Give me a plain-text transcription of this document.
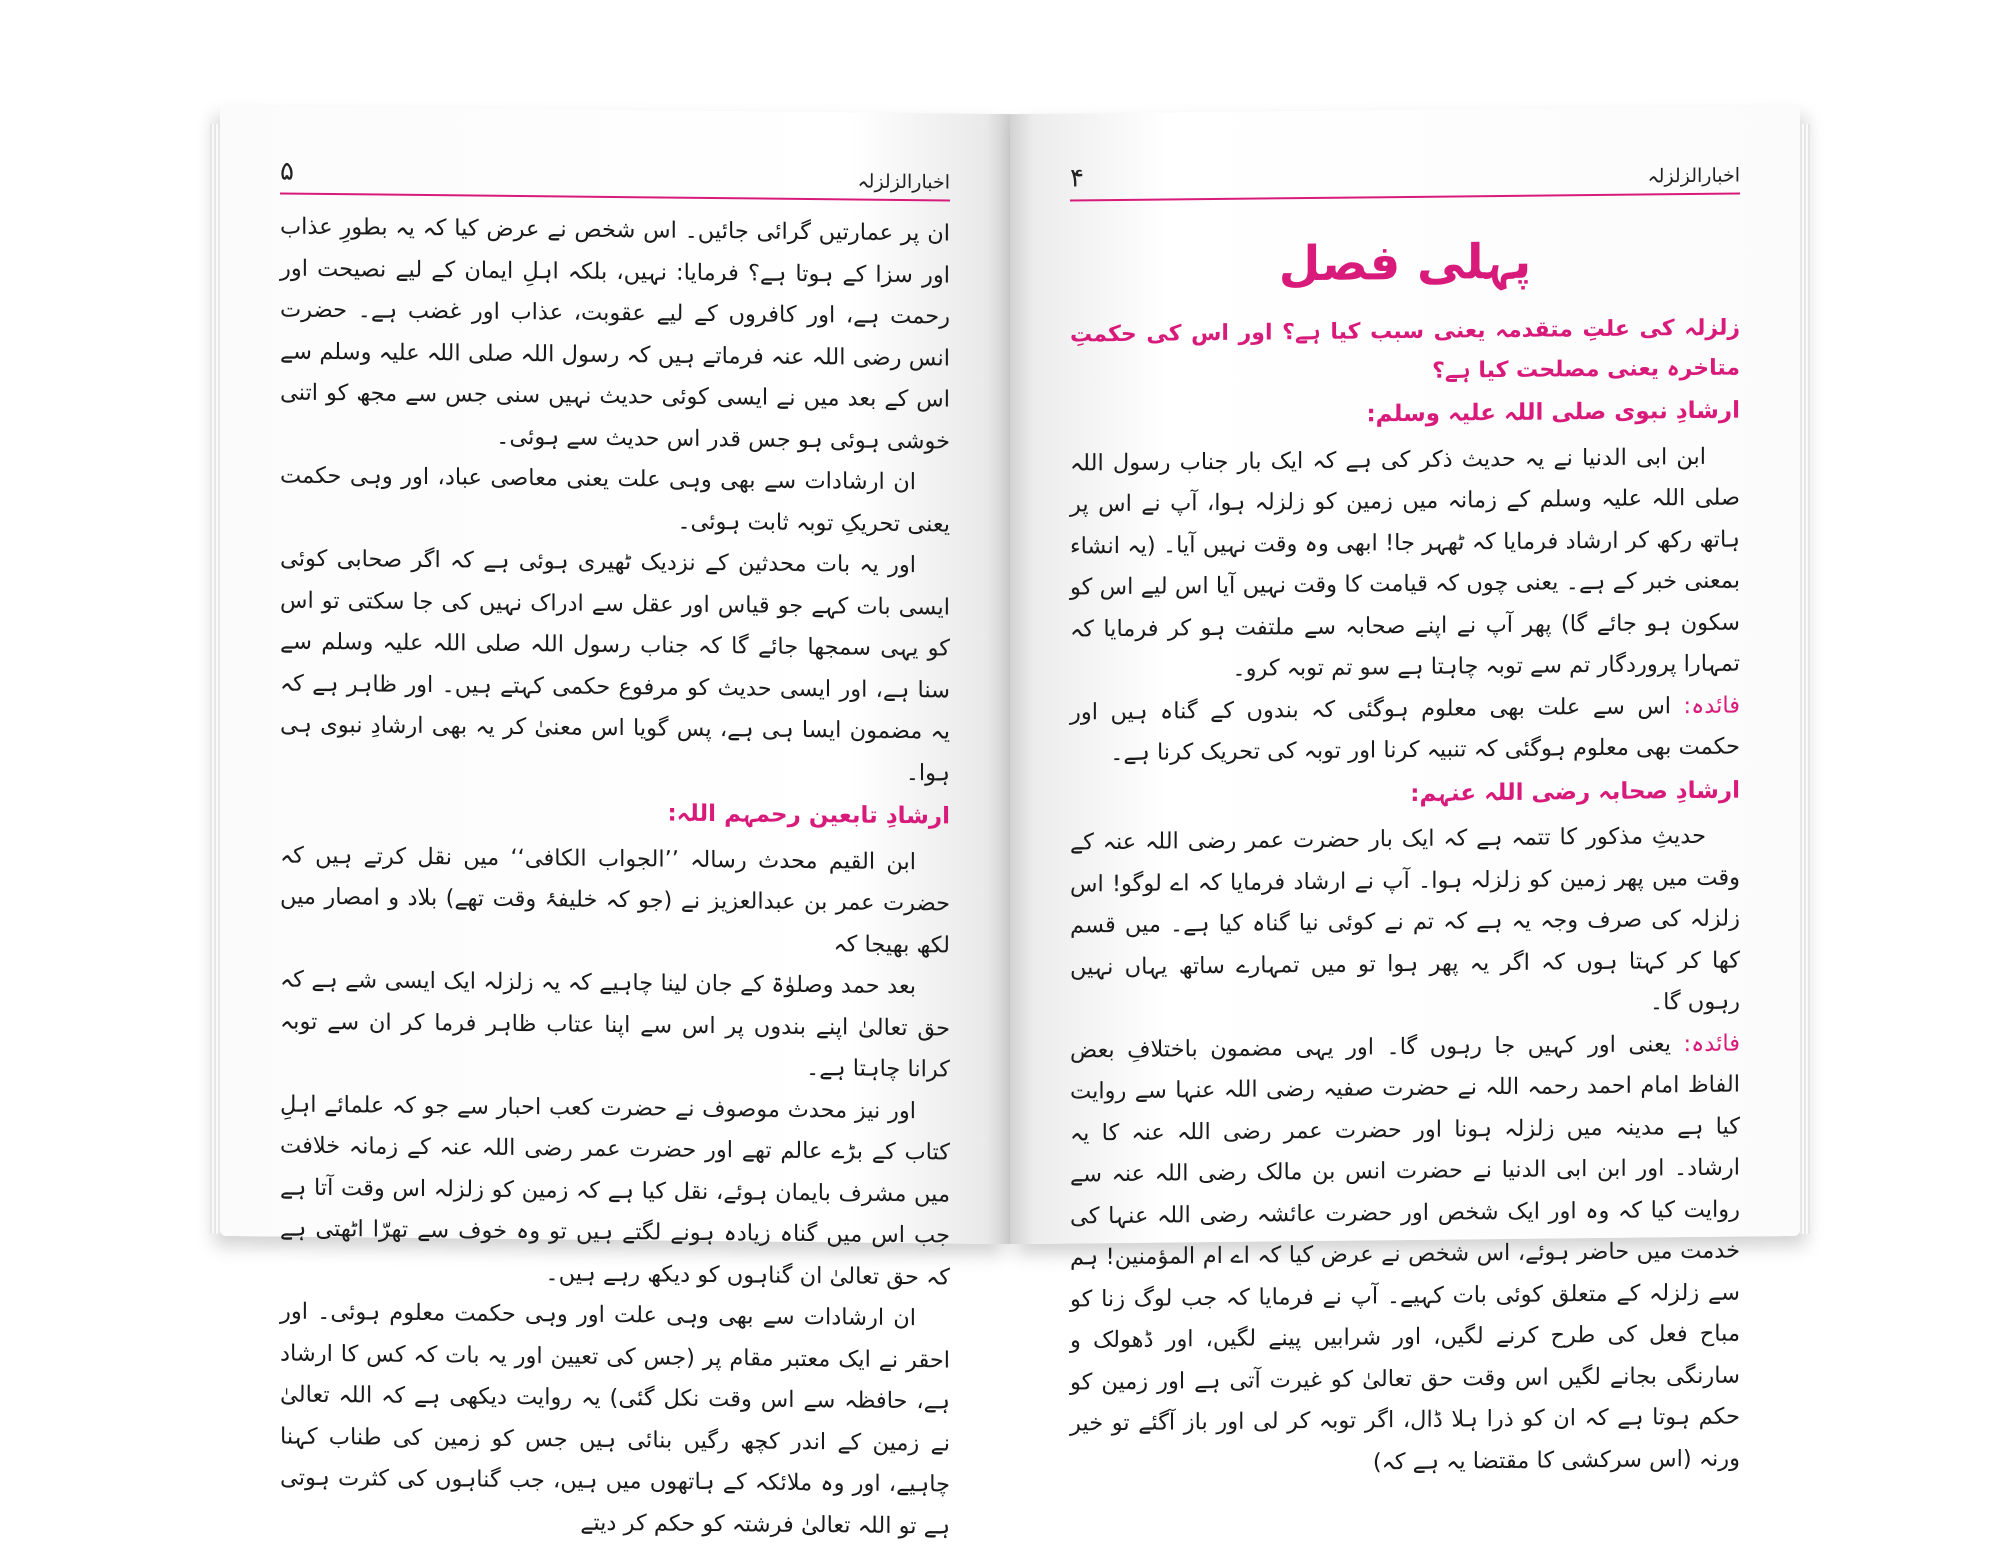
۵	اخبارالزلزلہ

ان پر عمارتیں گرائی جائیں۔ اس شخص نے عرض کیا کہ یہ بطورِ عذاب اور سزا کے ہوتا ہے؟ فرمایا: نہیں، بلکہ اہلِ ایمان کے لیے نصیحت اور رحمت ہے، اور کافروں کے لیے عقوبت، عذاب اور غضب ہے۔ حضرت انس رضی اللہ عنہ فرماتے ہیں کہ رسول اللہ صلی اللہ علیہ وسلم سے اس کے بعد میں نے ایسی کوئی حدیث نہیں سنی جس سے مجھ کو اتنی خوشی ہوئی ہو جس قدر اس حدیث سے ہوئی۔

ان ارشادات سے بھی وہی علت یعنی معاصی عباد، اور وہی حکمت یعنی تحریکِ توبہ ثابت ہوئی۔

اور یہ بات محدثین کے نزدیک ٹھیری ہوئی ہے کہ اگر صحابی کوئی ایسی بات کہے جو قیاس اور عقل سے ادراک نہیں کی جا سکتی تو اس کو یہی سمجھا جائے گا کہ جناب رسول اللہ صلی اللہ علیہ وسلم سے سنا ہے، اور ایسی حدیث کو مرفوع حکمی کہتے ہیں۔ اور ظاہر ہے کہ یہ مضمون ایسا ہی ہے، پس گویا اس معنیٰ کر یہ بھی ارشادِ نبوی ہی ہوا۔

ارشادِ تابعین رحمہم اللہ:

ابن القیم محدث رسالہ ’’الجواب الکافی‘‘ میں نقل کرتے ہیں کہ حضرت عمر بن عبدالعزیز نے (جو کہ خلیفۂ وقت تھے) بلاد و امصار میں لکھ بھیجا کہ

بعد حمد وصلوٰۃ کے جان لینا چاہیے کہ یہ زلزلہ ایک ایسی شے ہے کہ حق تعالیٰ اپنے بندوں پر اس سے اپنا عتاب ظاہر فرما کر ان سے توبہ کرانا چاہتا ہے۔

اور نیز محدث موصوف نے حضرت کعب احبار سے جو کہ علمائے اہلِ کتاب کے بڑے عالم تھے اور حضرت عمر رضی اللہ عنہ کے زمانہ خلافت میں مشرف بایمان ہوئے، نقل کیا ہے کہ زمین کو زلزلہ اس وقت آتا ہے جب اس میں گناہ زیادہ ہونے لگتے ہیں تو وہ خوف سے تھرّا اٹھتی ہے کہ حق تعالیٰ ان گناہوں کو دیکھ رہے ہیں۔

ان ارشادات سے بھی وہی علت اور وہی حکمت معلوم ہوئی۔ اور احقر نے ایک معتبر مقام پر (جس کی تعیین اور یہ بات کہ کس کا ارشاد ہے، حافظہ سے اس وقت نکل گئی) یہ روایت دیکھی ہے کہ اللہ تعالیٰ نے زمین کے اندر کچھ رگیں بنائی ہیں جس کو زمین کی طناب کہنا چاہیے، اور وہ ملائکہ کے ہاتھوں میں ہیں، جب گناہوں کی کثرت ہوتی ہے تو اللہ تعالیٰ فرشتہ کو حکم کر دیتے

۴	اخبارالزلزلہ
پہلی فصل
زلزلہ کی علتِ متقدمہ یعنی سبب کیا ہے؟ اور اس کی حکمتِ متاخرہ یعنی مصلحت کیا ہے؟
ارشادِ نبوی صلی اللہ علیہ وسلم:

ابن ابی الدنیا نے یہ حدیث ذکر کی ہے کہ ایک بار جناب رسول اللہ صلی اللہ علیہ وسلم کے زمانہ میں زمین کو زلزلہ ہوا، آپ نے اس پر ہاتھ رکھ کر ارشاد فرمایا کہ ٹھہر جا! ابھی وہ وقت نہیں آیا۔ (یہ انشاء بمعنی خبر کے ہے۔ یعنی چوں کہ قیامت کا وقت نہیں آیا اس لیے اس کو سکون ہو جائے گا) پھر آپ نے اپنے صحابہ سے ملتفت ہو کر فرمایا کہ تمہارا پروردگار تم سے توبہ چاہتا ہے سو تم توبہ کرو۔

فائدہ: اس سے علت بھی معلوم ہوگئی کہ بندوں کے گناہ ہیں اور حکمت بھی معلوم ہوگئی کہ تنبیہ کرنا اور توبہ کی تحریک کرنا ہے۔

ارشادِ صحابہ رضی اللہ عنہم:

حدیثِ مذکور کا تتمہ ہے کہ ایک بار حضرت عمر رضی اللہ عنہ کے وقت میں پھر زمین کو زلزلہ ہوا۔ آپ نے ارشاد فرمایا کہ اے لوگو! اس زلزلہ کی صرف وجہ یہ ہے کہ تم نے کوئی نیا گناہ کیا ہے۔ میں قسم کھا کر کہتا ہوں کہ اگر یہ پھر ہوا تو میں تمہارے ساتھ یہاں نہیں رہوں گا۔

فائدہ: یعنی اور کہیں جا رہوں گا۔ اور یہی مضمون باختلافِ بعض الفاظ امام احمد رحمہ اللہ نے حضرت صفیہ رضی اللہ عنہا سے روایت کیا ہے مدینہ میں زلزلہ ہونا اور حضرت عمر رضی اللہ عنہ کا یہ ارشاد۔ اور ابن ابی الدنیا نے حضرت انس بن مالک رضی اللہ عنہ سے روایت کیا کہ وہ اور ایک شخص اور حضرت عائشہ رضی اللہ عنہا کی خدمت میں حاضر ہوئے، اس شخص نے عرض کیا کہ اے ام المؤمنین! ہم سے زلزلہ کے متعلق کوئی بات کہیے۔ آپ نے فرمایا کہ جب لوگ زنا کو مباح فعل کی طرح کرنے لگیں، اور شرابیں پینے لگیں، اور ڈھولک و سارنگی بجانے لگیں اس وقت حق تعالیٰ کو غیرت آتی ہے اور زمین کو حکم ہوتا ہے کہ ان کو ذرا ہلا ڈال، اگر توبہ کر لی اور باز آگئے تو خیر ورنہ (اس سرکشی کا مقتضا یہ ہے کہ)
